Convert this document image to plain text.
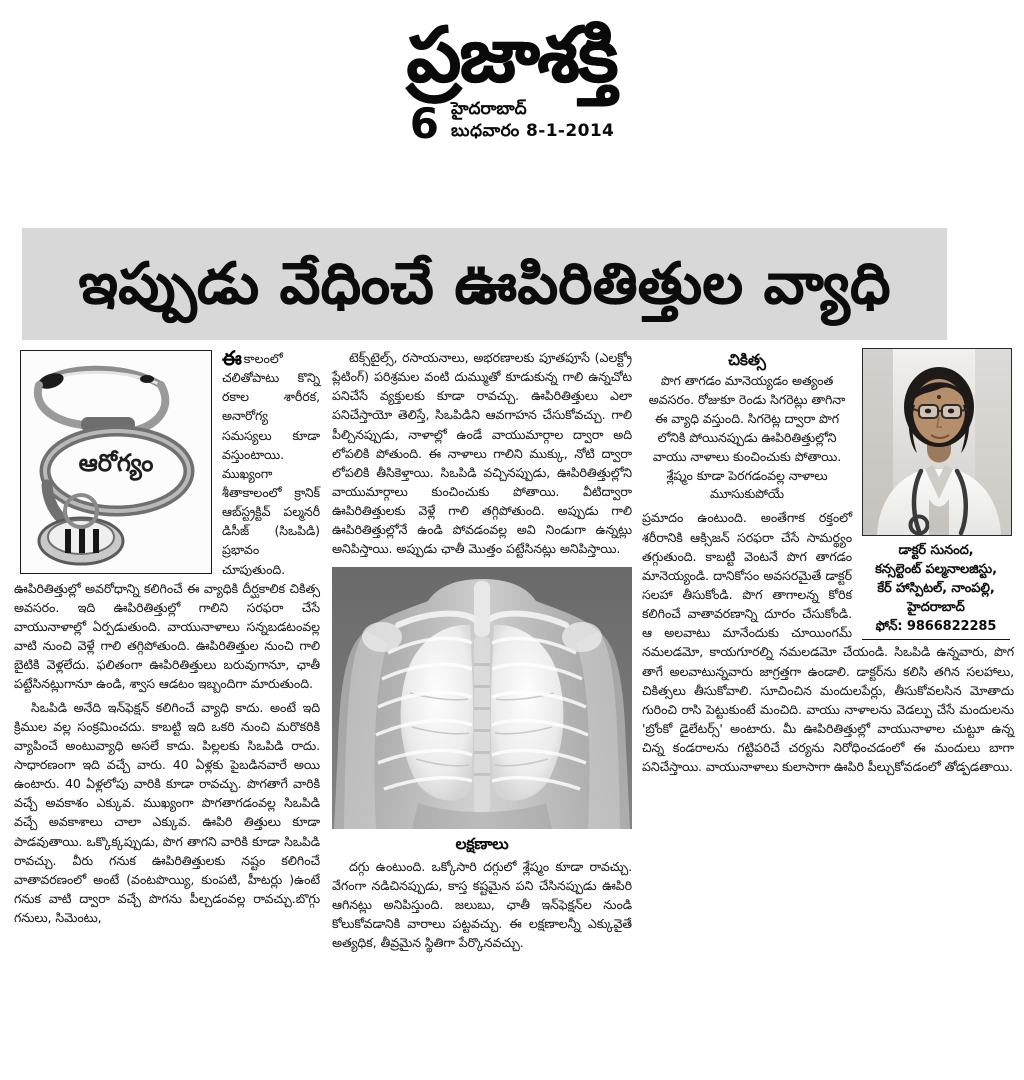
ప్రజాశక్తి
6 హైదరాబాద్
బుధవారం 8-1-2014
ఇప్పుడు వేధించే ఊపిరితిత్తుల వ్యాధి
ఆరోగ్యం

ఈకాలంలో చలితోపాటు కొన్ని రకాల శారీరక, అనారోగ్య సమస్యలు కూడా వస్తుంటాయి. ముఖ్యంగా శీతాకాలంలో క్రానిక్ ఆబ్‌స్ట్రక్టివ్ పల్మనరీ డిసీజ్ (సిఒపిడి) ప్రభావం చూపుతుంది. ఊపిరితిత్తుల్లో అవరోధాన్ని కలిగించే ఈ వ్యాధికి దీర్ఘకాలిక చికిత్స అవసరం. ఇది ఊపిరితిత్తుల్లో గాలిని సరఫరా చేసే వాయునాళాల్లో ఏర్పడుతుంది. వాయునాళాలు సన్నబడటంవల్ల వాటి నుంచి వెళ్లే గాలి తగ్గిపోతుంది. ఊపిరితిత్తుల నుంచి గాలి బైటికి వెళ్లలేదు. ఫలితంగా ఊపిరితిత్తులు బరువుగానూ, ఛాతీ పట్టేసినట్లుగానూ ఉండి, శ్వాస ఆడటం ఇబ్బందిగా మారుతుంది.

సిఒపిడి అనేది ఇన్‌ఫెక్షన్ కలిగించే వ్యాధి కాదు. అంటే ఇది క్రిముల వల్ల సంక్రమించదు. కాబట్టి ఇది ఒకరి నుంచి మరొకరికి వ్యాపించే అంటువ్యాధి అసలే కాదు. పిల్లలకు సిఒపిడి రాదు. సాధారణంగా ఇది వచ్చే వారు. 40 ఏళ్లకు పైబడినవారే అయి ఉంటారు. 40 ఏళ్లలోపు వారికి కూడా రావచ్చు. పొగతాగే వారికి వచ్చే అవకాశం ఎక్కువ. ముఖ్యంగా పొగతాగడంవల్ల సిఒపిడి వచ్చే అవకాశాలు చాలా ఎక్కువ. ఊపిరి తిత్తులు కూడా పాడవుతాయి. ఒక్కొక్కప్పుడు, పొగ తాగని వారికి కూడా సిఒపిడి రావచ్చు. వీరు గనుక ఊపిరితిత్తులకు నష్టం కలిగించే వాతావరణంలో అంటే (వంటపొయ్యి, కుంపటి, హీటర్లు )ఉంటే గనుక వాటి ద్వారా వచ్చే పొగను పీల్చడంవల్ల రావచ్చు.బొగ్గు గనులు, సిమెంటు,

టెక్స్‌టైల్స్, రసాయనాలు, అభరణాలకు పూతపూసే (ఎలక్ట్రో ప్లేటింగ్) పరిశ్రమల వంటి దుమ్ముతో కూడుకున్న గాలి ఉన్నచోట పనిచేసే వ్యక్తులకు కూడా రావచ్చు. ఊపిరితిత్తులు ఎలా పనిచేస్తాయో తెలిస్తే, సిఒపిడిని ఆవగాహన చేసుకోవచ్చు. గాలి పీల్చినప్పుడు, నాళాల్లో ఉండే వాయుమార్గాల ద్వారా అది లోపలికి పోతుంది. ఈ నాళాలు గాలిని ముక్కు, నోటి ద్వారా లోపలికి తీసికెళ్తాయి. సిఒపిడి వచ్చినప్పుడు, ఊపిరితిత్తుల్లోని వాయుమార్గాలు కుంచించుకు పోతాయి. వీటిద్వారా ఊపిరితిత్తులకు వెళ్లే గాలి తగ్గిపోతుంది. అప్పుడు గాలి ఊపిరితిత్తుల్లోనే ఉండి పోవడంవల్ల అవి నిండుగా ఉన్నట్లు అనిపిస్తాయి. అప్పుడు ఛాతీ మొత్తం పట్టేసినట్లు అనిపిస్తాయి.

లక్షణాలు

దగ్గు ఉంటుంది. ఒక్కోసారి దగ్గులో శ్లేష్మం కూడా రావచ్చు. వేగంగా నడిచినప్పుడు, కాస్త కష్టమైన పని చేసినప్పుడు ఊపిరి ఆగినట్లు అనిపిస్తుంది. జలుబు, ఛాతీ ఇన్‌ఫెక్షన్‌ల నుండి కోలుకోవడానికి వారాలు పట్టవచ్చు. ఈ లక్షణాలన్నీ ఎక్కువైతే అత్యధిక, తీవ్రమైన స్థితిగా పేర్కొనవచ్చు.

డాక్టర్ సునంద,
కన్సల్టెంట్ పల్మనాలజిస్టు,
కేర్ హాస్పిటల్, నాంపల్లి,
హైదరాబాద్
ఫోన్: 9866822285
చికిత్స

పొగ తాగడం మానెయ్యడం అత్యంత అవసరం. రోజుకూ రెండు సిగరెట్లు తాగినా ఈ వ్యాధి వస్తుంది. సిగరెట్ల ద్వారా పొగ లోనికి పోయినప్పుడు ఊపిరితిత్తుల్లోని వాయు నాళాలు కుంచించుకు పోతాయి. శ్లేష్మం కూడా పెరగడంవల్ల నాళాలు మూసుకుపోయే

ప్రమాదం ఉంటుంది. అంతేగాక రక్తంలో శరీరానికి ఆక్సిజన్ సరఫరా చేసే సామర్థ్యం తగ్గుతుంది. కాబట్టి వెంటనే పొగ తాగడం మానెయ్యండి. దానికోసం అవసరమైతే డాక్టర్ సలహా తీసుకోండి. పొగ తాగాలన్న కోరిక కలిగించే వాతావరణాన్ని దూరం చేసుకోండి. ఆ అలవాటు మానేందుకు చూయింగమ్ నమలడమో, కాయగూరల్ని నమలడమో చేయండి. సిఒపిడి ఉన్నవారు, పొగ తాగే అలవాటున్నవారు జాగ్రత్తగా ఉండాలి. డాక్టర్‌ను కలిసి తగిన సలహాలు, చికిత్సలు తీసుకోవాలి. సూచించిన మందులపేర్లు, తీసుకోవలసిన మోతాదు గురించి రాసి పెట్టుకుంటే మంచిది. వాయు నాళాలను వెడల్పు చేసే మందులను 'బ్రోంకో డైలేటర్స్' అంటారు. మీ ఊపిరితిత్తుల్లో వాయునాళాల చుట్టూ ఉన్న చిన్న కండరాలను గట్టిపరిచే చర్యను నిరోధించడంలో ఈ మందులు బాగా పనిచేస్తాయి. వాయునాళాలు కులాసాగా ఊపిరి పీల్చుకోవడంలో తోడ్పడతాయి.
